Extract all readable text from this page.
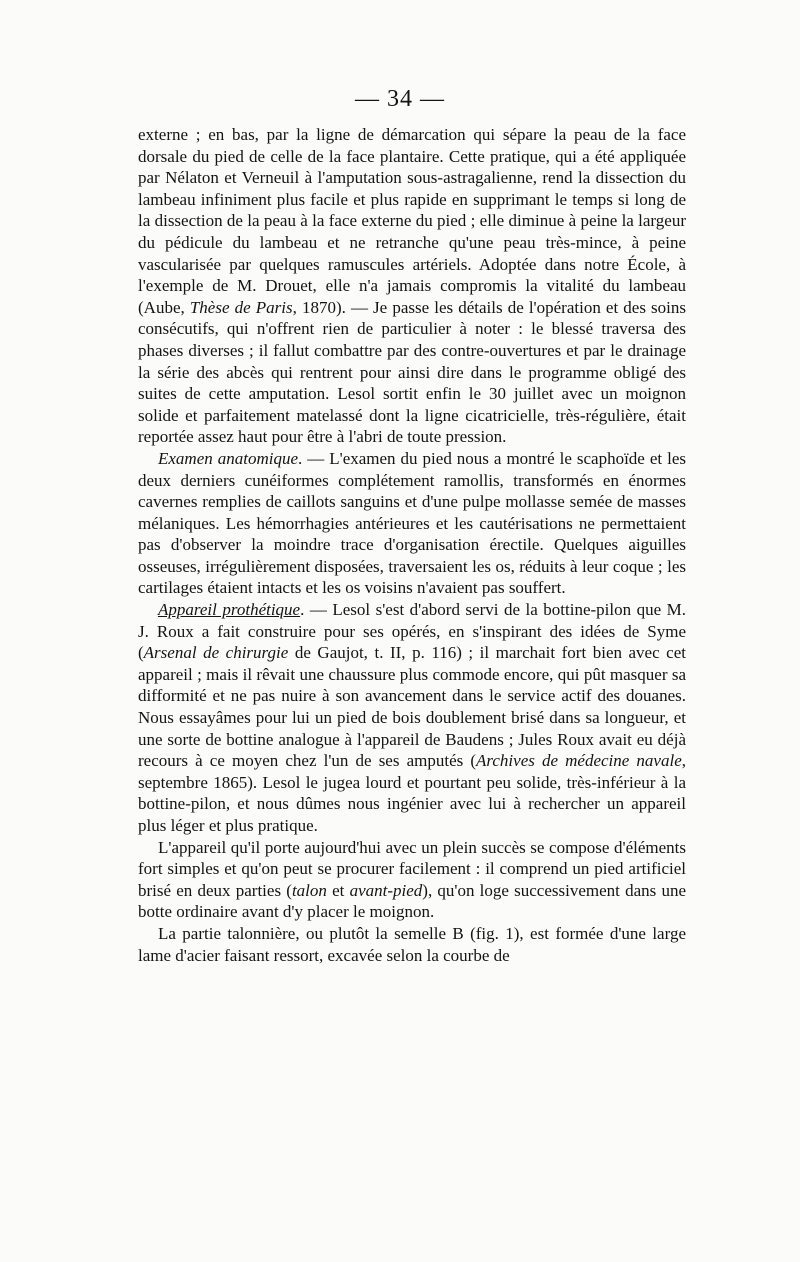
— 34 —

externe ; en bas, par la ligne de démarcation qui sépare la peau de la face dorsale du pied de celle de la face plantaire. Cette pratique, qui a été appliquée par Nélaton et Verneuil à l'amputation sous-astragalienne, rend la dissection du lambeau infiniment plus facile et plus rapide en supprimant le temps si long de la dissection de la peau à la face externe du pied ; elle diminue à peine la largeur du pédicule du lambeau et ne retranche qu'une peau très-mince, à peine vascularisée par quelques ramuscules artériels. Adoptée dans notre École, à l'exemple de M. Drouet, elle n'a jamais compromis la vitalité du lambeau (Aube, Thèse de Paris, 1870). — Je passe les détails de l'opération et des soins consécutifs, qui n'offrent rien de particulier à noter : le blessé traversa des phases diverses ; il fallut combattre par des contre-ouvertures et par le drainage la série des abcès qui rentrent pour ainsi dire dans le programme obligé des suites de cette amputation. Lesol sortit enfin le 30 juillet avec un moignon solide et parfaitement matelassé dont la ligne cicatricielle, très-régulière, était reportée assez haut pour être à l'abri de toute pression.

Examen anatomique. — L'examen du pied nous a montré le scaphoïde et les deux derniers cunéiformes complétement ramollis, transformés en énormes cavernes remplies de caillots sanguins et d'une pulpe mollasse semée de masses mélaniques. Les hémorrhagies antérieures et les cautérisations ne permettaient pas d'observer la moindre trace d'organisation érectile. Quelques aiguilles osseuses, irrégulièrement disposées, traversaient les os, réduits à leur coque ; les cartilages étaient intacts et les os voisins n'avaient pas souffert.

Appareil prothétique. — Lesol s'est d'abord servi de la bottine-pilon que M. J. Roux a fait construire pour ses opérés, en s'inspirant des idées de Syme (Arsenal de chirurgie de Gaujot, t. II, p. 116) ; il marchait fort bien avec cet appareil ; mais il rêvait une chaussure plus commode encore, qui pût masquer sa difformité et ne pas nuire à son avancement dans le service actif des douanes. Nous essayâmes pour lui un pied de bois doublement brisé dans sa longueur, et une sorte de bottine analogue à l'appareil de Baudens ; Jules Roux avait eu déjà recours à ce moyen chez l'un de ses amputés (Archives de médecine navale, septembre 1865). Lesol le jugea lourd et pourtant peu solide, très-inférieur à la bottine-pilon, et nous dûmes nous ingénier avec lui à rechercher un appareil plus léger et plus pratique.

L'appareil qu'il porte aujourd'hui avec un plein succès se compose d'éléments fort simples et qu'on peut se procurer facilement : il comprend un pied artificiel brisé en deux parties (talon et avant-pied), qu'on loge successivement dans une botte ordinaire avant d'y placer le moignon.

La partie talonnière, ou plutôt la semelle B (fig. 1), est formée d'une large lame d'acier faisant ressort, excavée selon la courbe de
